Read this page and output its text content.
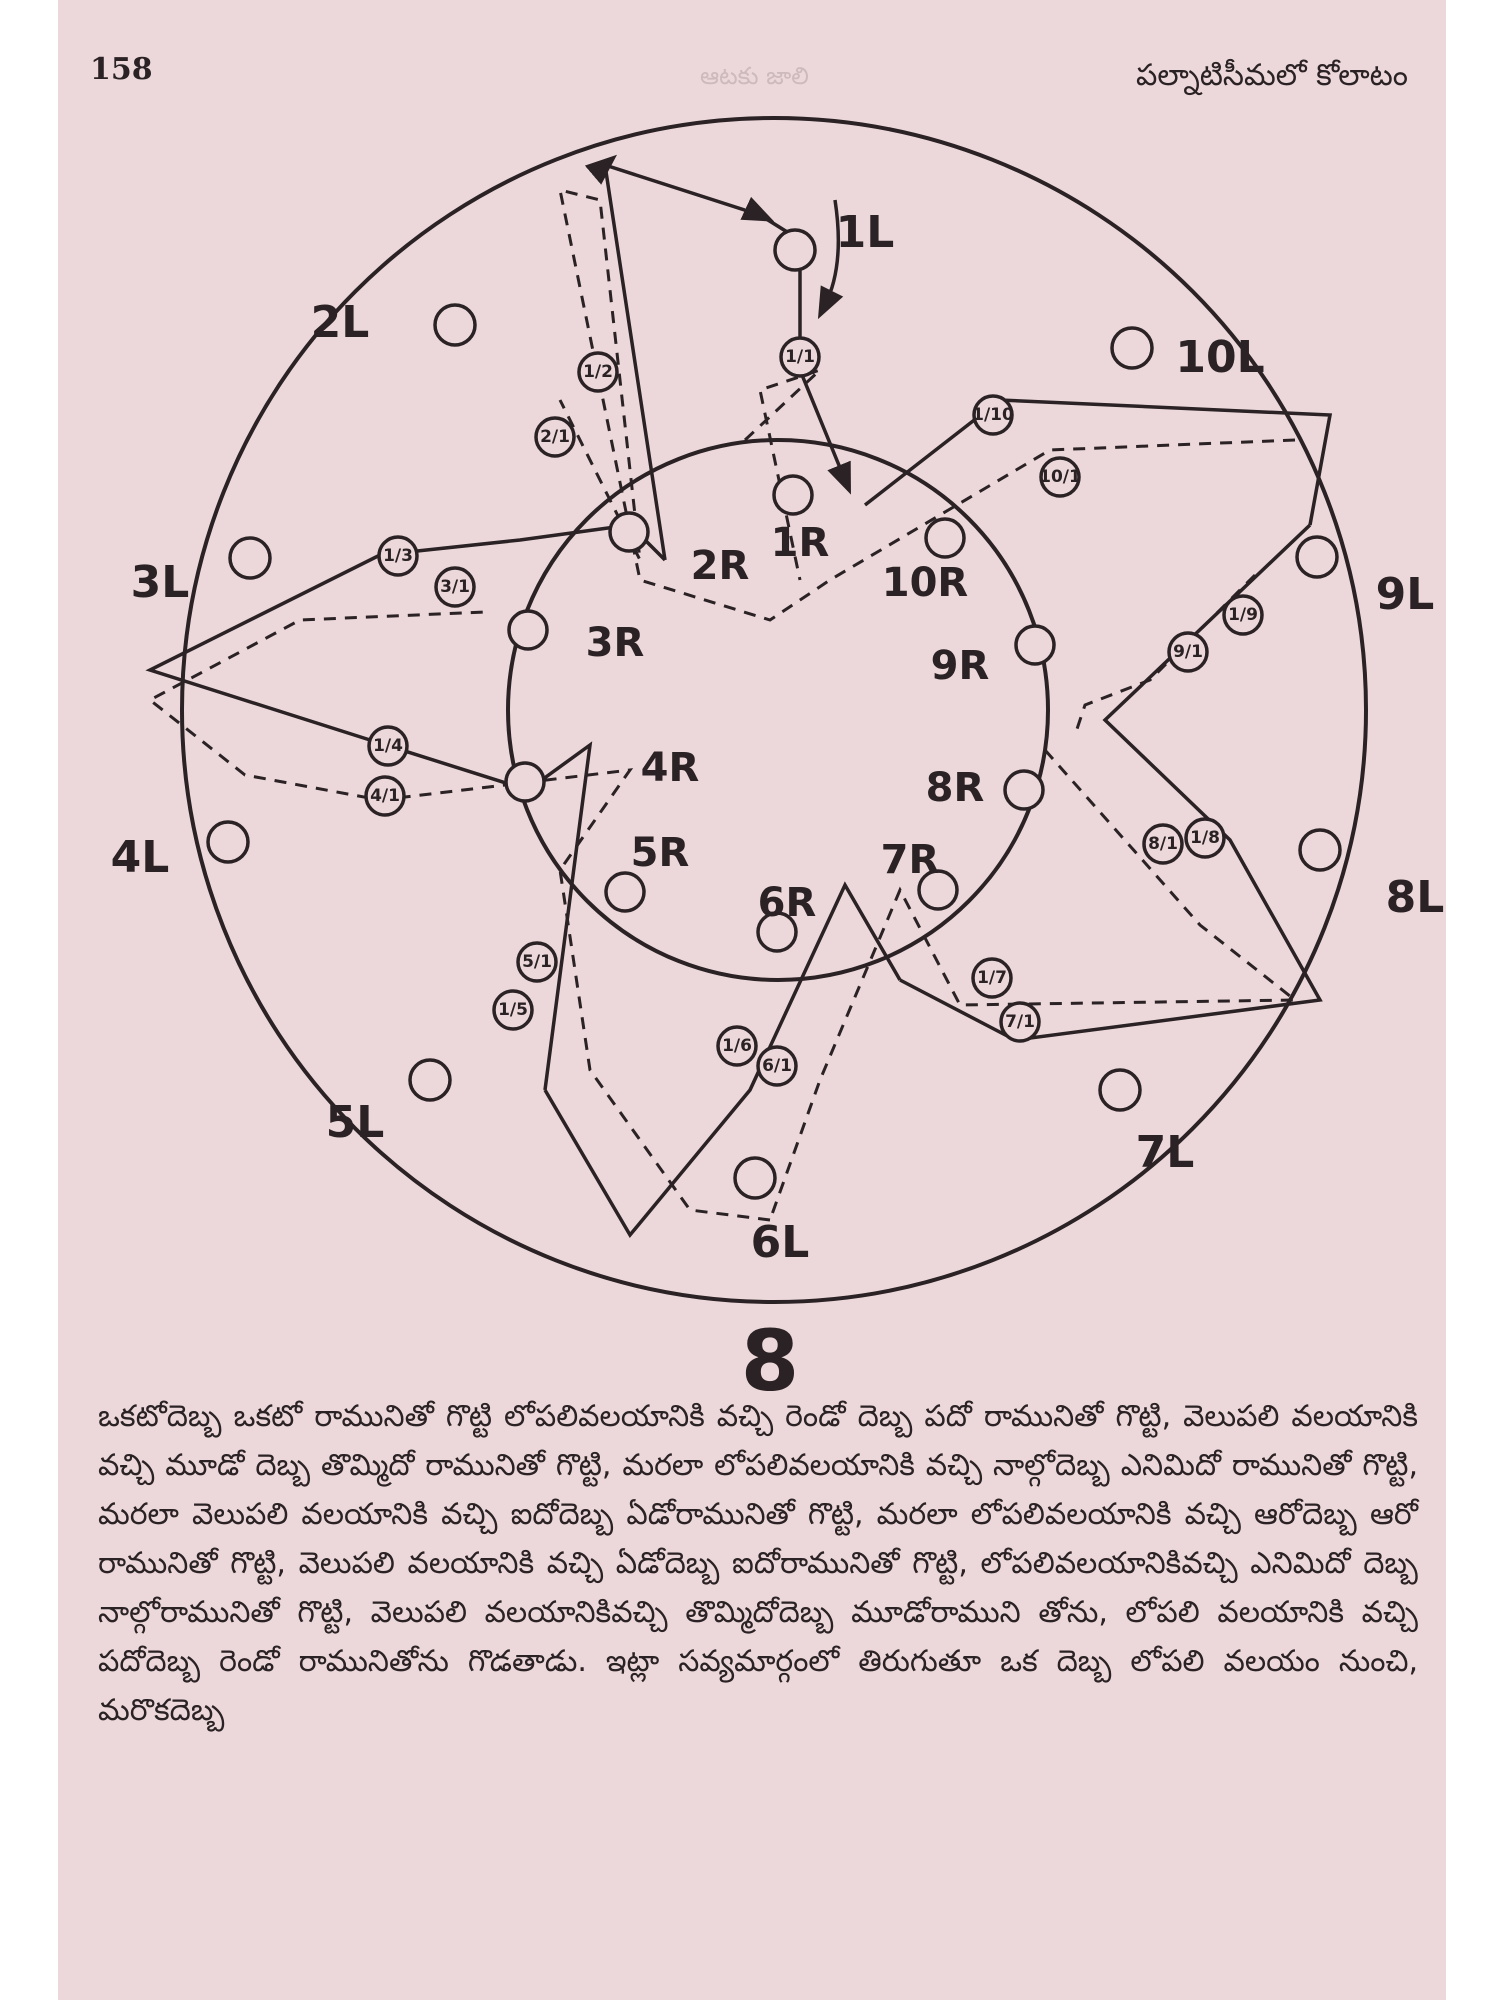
158	ఆటకు జాలి	పల్నాటిసీమలో కోలాటం
1L
2L
3L
4L
5L
6L
7L
8L
9L
10L
1R
2R
3R
4R
5R
6R
7R
8R
9R
10R
1/1
1/2
2/1
1/10
10/1
1/3
3/1
1/4
4/1
1/9
9/1
1/8
8/1
1/5
5/1
1/6
6/1
1/7
7/1
8

ఒకటోదెబ్బ ఒకటో రామునితో గొట్టి లోపలివలయానికి వచ్చి రెండో దెబ్బ పదో రామునితో గొట్టి, వెలుపలి వలయానికి వచ్చి మూడో దెబ్బ తొమ్మిదో రామునితో గొట్టి, మరలా లోపలివలయానికి వచ్చి నాల్గోదెబ్బ ఎనిమిదో రామునితో గొట్టి, మరలా వెలుపలి వలయానికి వచ్చి ఐదోదెబ్బ ఏడోరామునితో గొట్టి, మరలా లోపలివలయానికి వచ్చి ఆరోదెబ్బ ఆరో రామునితో గొట్టి, వెలుపలి వలయానికి వచ్చి ఏడోదెబ్బ ఐదోరామునితో గొట్టి, లోపలివలయానికివచ్చి ఎనిమిదో దెబ్బ నాల్గోరామునితో గొట్టి, వెలుపలి వలయానికివచ్చి తొమ్మిదోదెబ్బ మూడోరాముని తోను, లోపలి వలయానికి వచ్చి పదోదెబ్బ రెండో రామునితోను గొడతాడు. ఇట్లా సవ్యమార్గంలో తిరుగుతూ ఒక దెబ్బ లోపలి వలయం నుంచి, మరొకదెబ్బ
